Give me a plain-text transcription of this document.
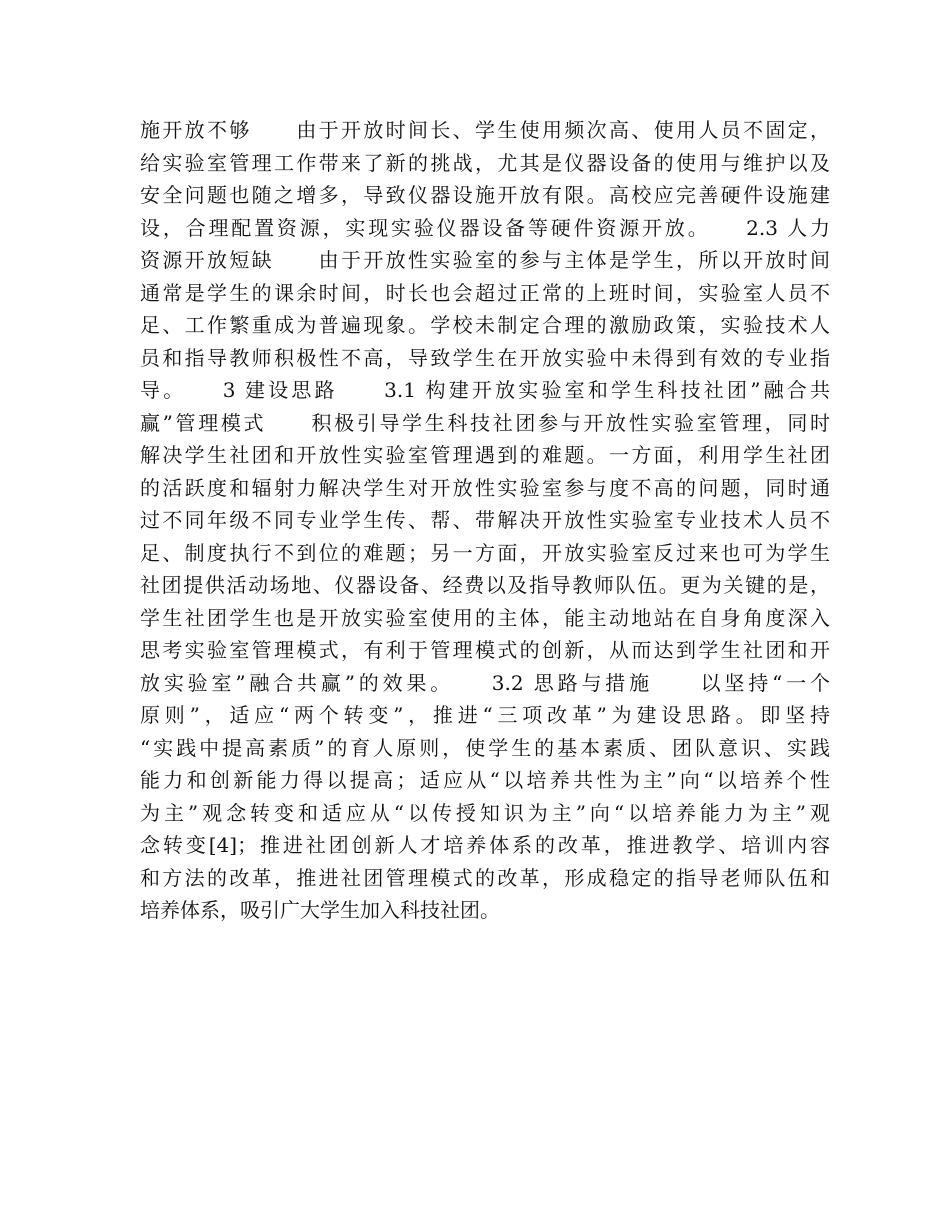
施开放不够　　由于开放时间长、学生使用频次高、使用人员不固定，
给实验室管理工作带来了新的挑战，尤其是仪器设备的使用与维护以及
安全问题也随之增多，导致仪器设施开放有限。高校应完善硬件设施建
设，合理配置资源，实现实验仪器设备等硬件资源开放。　　2.3 人力
资源开放短缺　　由于开放性实验室的参与主体是学生，所以开放时间
通常是学生的课余时间，时长也会超过正常的上班时间，实验室人员不
足、工作繁重成为普遍现象。学校未制定合理的激励政策，实验技术人
员和指导教师积极性不高，导致学生在开放实验中未得到有效的专业指
导。　　3 建设思路　　3.1 构建开放实验室和学生科技社团”融合共
赢”管理模式　　积极引导学生科技社团参与开放性实验室管理，同时
解决学生社团和开放性实验室管理遇到的难题。一方面，利用学生社团
的活跃度和辐射力解决学生对开放性实验室参与度不高的问题，同时通
过不同年级不同专业学生传、帮、带解决开放性实验室专业技术人员不
足、制度执行不到位的难题；另一方面，开放实验室反过来也可为学生
社团提供活动场地、仪器设备、经费以及指导教师队伍。更为关键的是，
学生社团学生也是开放实验室使用的主体，能主动地站在自身角度深入
思考实验室管理模式，有利于管理模式的创新，从而达到学生社团和开
放实验室”融合共赢”的效果。　　3.2 思路与措施　　以坚持“一个
原则”，适应“两个转变”，推进“三项改革”为建设思路。即坚持
“实践中提高素质”的育人原则，使学生的基本素质、团队意识、实践
能力和创新能力得以提高；适应从“以培养共性为主”向“以培养个性
为主”观念转变和适应从“以传授知识为主”向“以培养能力为主”观
念转变[4]；推进社团创新人才培养体系的改革，推进教学、培训内容
和方法的改革，推进社团管理模式的改革，形成稳定的指导老师队伍和
培养体系，吸引广大学生加入科技社团。
